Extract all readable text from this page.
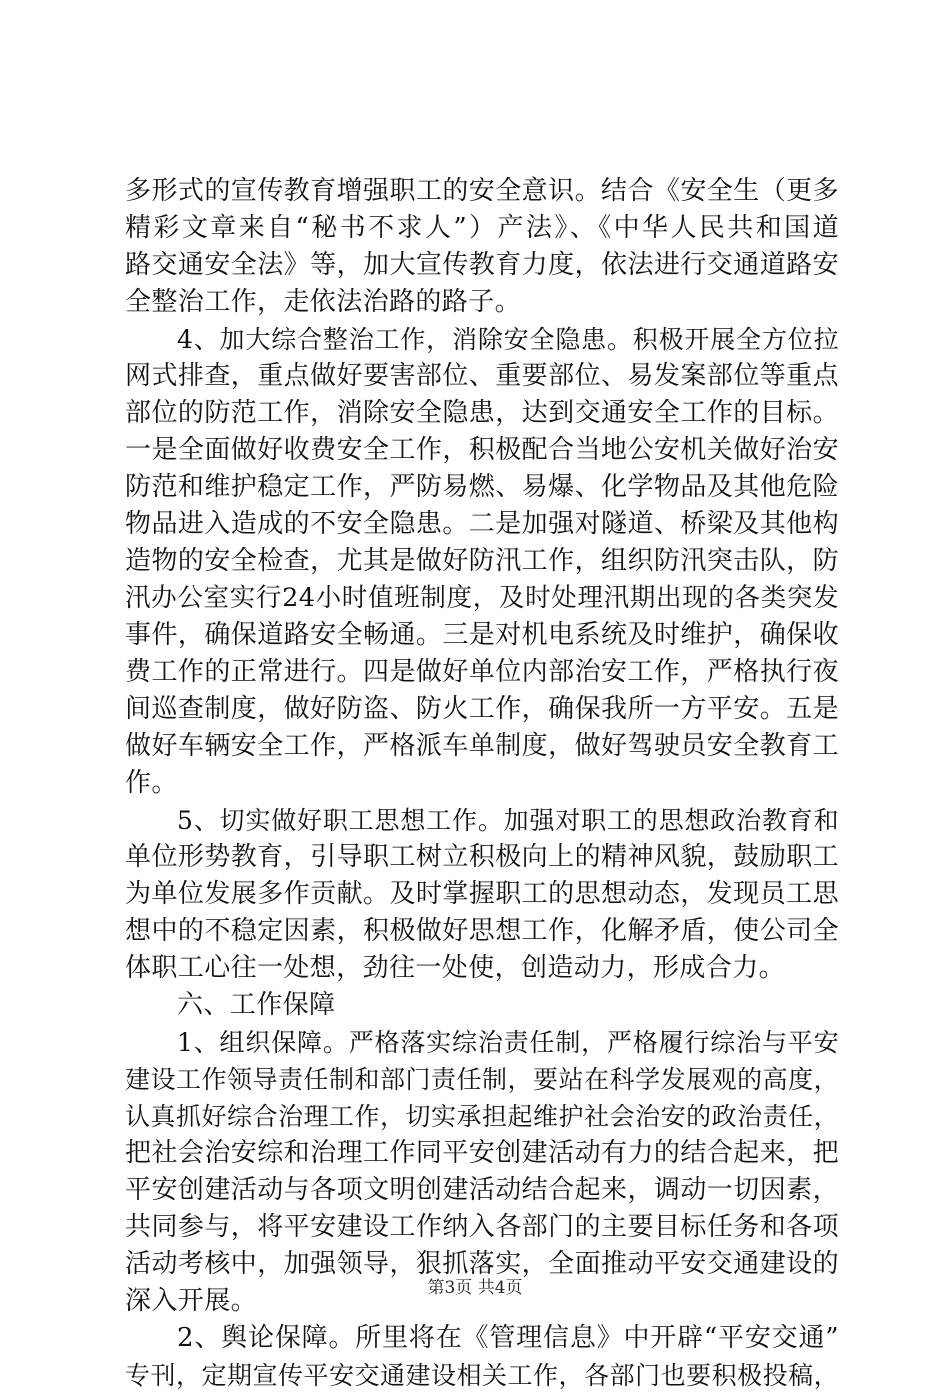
多形式的宣传教育增强职工的安全意识。结合《安全生（更多
精彩文章来自“秘书不求人”）产法》、《中华人民共和国道
路交通安全法》等，加大宣传教育力度，依法进行交通道路安
全整治工作，走依法治路的路子。
4、加大综合整治工作，消除安全隐患。积极开展全方位拉
网式排查，重点做好要害部位、重要部位、易发案部位等重点
部位的防范工作，消除安全隐患，达到交通安全工作的目标。
一是全面做好收费安全工作，积极配合当地公安机关做好治安
防范和维护稳定工作，严防易燃、易爆、化学物品及其他危险
物品进入造成的不安全隐患。二是加强对隧道、桥梁及其他构
造物的安全检查，尤其是做好防汛工作，组织防汛突击队，防
汛办公室实行24小时值班制度，及时处理汛期出现的各类突发
事件，确保道路安全畅通。三是对机电系统及时维护，确保收
费工作的正常进行。四是做好单位内部治安工作，严格执行夜
间巡查制度，做好防盗、防火工作，确保我所一方平安。五是
做好车辆安全工作，严格派车单制度，做好驾驶员安全教育工
作。
5、切实做好职工思想工作。加强对职工的思想政治教育和
单位形势教育，引导职工树立积极向上的精神风貌，鼓励职工
为单位发展多作贡献。及时掌握职工的思想动态，发现员工思
想中的不稳定因素，积极做好思想工作，化解矛盾，使公司全
体职工心往一处想，劲往一处使，创造动力，形成合力。
六、工作保障
1、组织保障。严格落实综治责任制，严格履行综治与平安
建设工作领导责任制和部门责任制，要站在科学发展观的高度，
认真抓好综合治理工作，切实承担起维护社会治安的政治责任，
把社会治安综和治理工作同平安创建活动有力的结合起来，把
平安创建活动与各项文明创建活动结合起来，调动一切因素，
共同参与，将平安建设工作纳入各部门的主要目标任务和各项
活动考核中，加强领导，狠抓落实，全面推动平安交通建设的
深入开展。
2、舆论保障。所里将在《管理信息》中开辟“平安交通”
专刊，定期宣传平安交通建设相关工作，各部门也要积极投稿，
第3页 共4页
